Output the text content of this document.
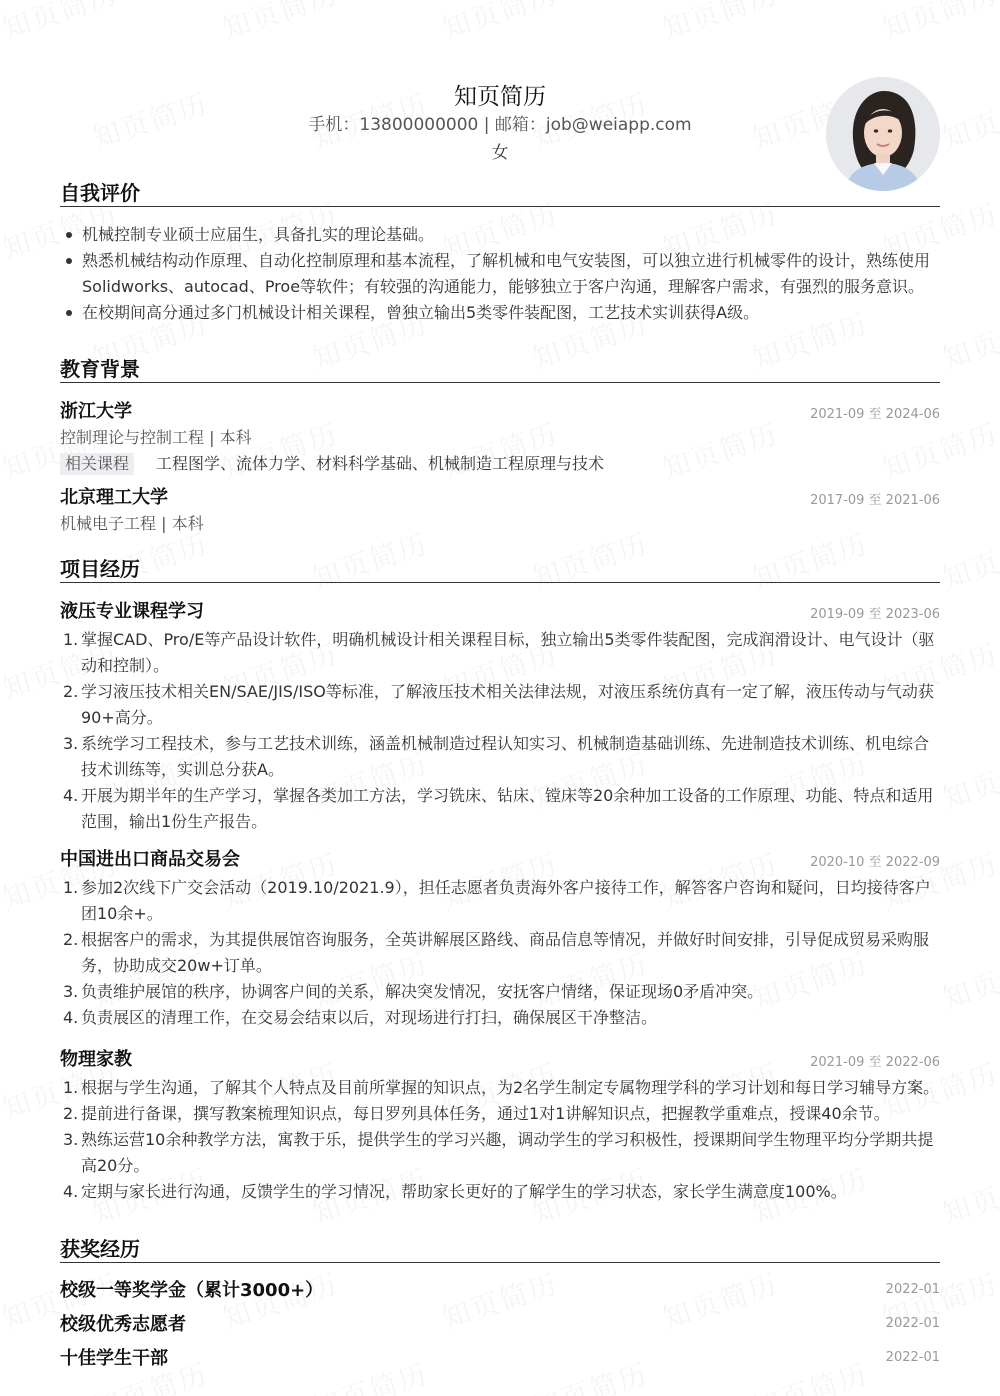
知页简历
手机：13800000000 | 邮箱：job@weiapp.com
女
自我评价
机械控制专业硕士应届生，具备扎实的理论基础。
熟悉机械结构动作原理、自动化控制原理和基本流程，了解机械和电气安装图，可以独立进行机械零件的设计，熟练使用Solidworks、autocad、Proe等软件；有较强的沟通能力，能够独立于客户沟通，理解客户需求，有强烈的服务意识。
在校期间高分通过多门机械设计相关课程，曾独立输出5类零件装配图，工艺技术实训获得A级。
教育背景
浙江大学	2021-09 至 2024-06
控制理论与控制工程 | 本科
相关课程 工程图学、流体力学、材料科学基础、机械制造工程原理与技术
北京理工大学	2017-09 至 2021-06
机械电子工程 | 本科
项目经历
液压专业课程学习	2019-09 至 2023-06
1. 掌握CAD、Pro/E等产品设计软件，明确机械设计相关课程目标，独立输出5类零件装配图，完成润滑设计、电气设计（驱动和控制）。
2. 学习液压技术相关EN/SAE/JIS/ISO等标准，了解液压技术相关法律法规，对液压系统仿真有一定了解，液压传动与气动获90+高分。
3. 系统学习工程技术，参与工艺技术训练，涵盖机械制造过程认知实习、机械制造基础训练、先进制造技术训练、机电综合技术训练等，实训总分获A。
4. 开展为期半年的生产学习，掌握各类加工方法，学习铣床、钻床、镗床等20余种加工设备的工作原理、功能、特点和适用范围，输出1份生产报告。
中国进出口商品交易会	2020-10 至 2022-09
1. 参加2次线下广交会活动（2019.10/2021.9），担任志愿者负责海外客户接待工作，解答客户咨询和疑问，日均接待客户团10余+。
2. 根据客户的需求，为其提供展馆咨询服务，全英讲解展区路线、商品信息等情况，并做好时间安排，引导促成贸易采购服务，协助成交20w+订单。
3. 负责维护展馆的秩序，协调客户间的关系，解决突发情况，安抚客户情绪，保证现场0矛盾冲突。
4. 负责展区的清理工作，在交易会结束以后，对现场进行打扫，确保展区干净整洁。
物理家教	2021-09 至 2022-06
1. 根据与学生沟通，了解其个人特点及目前所掌握的知识点，为2名学生制定专属物理学科的学习计划和每日学习辅导方案。
2. 提前进行备课，撰写教案梳理知识点，每日罗列具体任务，通过1对1讲解知识点，把握教学重难点，授课40余节。
3. 熟练运营10余种教学方法，寓教于乐，提供学生的学习兴趣，调动学生的学习积极性，授课期间学生物理平均分学期共提高20分。
4. 定期与家长进行沟通，反馈学生的学习情况，帮助家长更好的了解学生的学习状态，家长学生满意度100%。
获奖经历
校级一等奖学金（累计3000+）	2022-01
校级优秀志愿者	2022-01
十佳学生干部	2022-01
